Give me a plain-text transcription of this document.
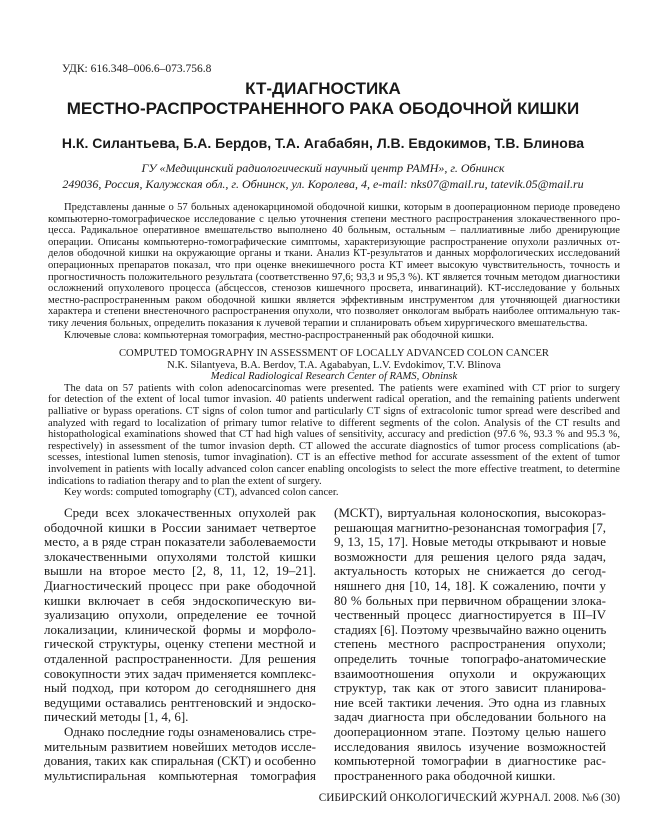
УДК: 616.348–006.6–073.756.8
КТ-ДИАГНОСТИКА
МЕСТНО-РАСПРОСТРАНЕННОГО РАКА ОБОДОЧНОЙ КИШКИ
Н.К. Силантьева, Б.А. Бердов, Т.А. Агабабян, Л.В. Евдокимов, Т.В. Блинова
ГУ «Медицинский радиологический научный центр РАМН», г. Обнинск
249036, Россия, Калужская обл., г. Обнинск, ул. Королева, 4, e-mail: nks07@mail.ru, tatevik.05@mail.ru
Представлены данные о 57 больных аденокарциномой ободочной кишки, которым в дооперационном периоде проведено
компьютерно-томографическое исследование с целью уточнения степени местного распространения злокачественного про-
цесса. Радикальное оперативное вмешательство выполнено 40 больным, остальным – паллиативные либо дренирующие
операции. Описаны компьютерно-томографические симптомы, характеризующие распространение опухоли различных от-
делов ободочной кишки на окружающие органы и ткани. Анализ КТ-результатов и данных морфологических исследований
операционных препаратов показал, что при оценке внекишечного роста КТ имеет высокую чувствительность, точность и
прогностичность положительного результата (соответственно 97,6; 93,3 и 95,3 %). КТ является точным методом диагностики
осложнений опухолевого процесса (абсцессов, стенозов кишечного просвета, инвагинаций). КТ-исследование у больных
местно-распространенным раком ободочной кишки является эффективным инструментом для уточняющей диагностики
характера и степени внестеночного распространения опухоли, что позволяет онкологам выбрать наиболее оптимальную так-
тику лечения больных, определить показания к лучевой терапии и спланировать объем хирургического вмешательства.
Ключевые слова: компьютерная томография, местно-распространенный рак ободочной кишки.
COMPUTED TOMOGRAPHY IN ASSESSMENT OF LOCALLY ADVANCED COLON CANCER
N.K. Silantyeva, B.A. Berdov, T.A. Agababyan, L.V. Evdokimov, T.V. Blinova
Medical Radiological Research Center of RAMS, Obninsk
The data on 57 patients with colon adenocarcinomas were presented. The patients were examined with CT prior to surgery
for detection of the extent of local tumor invasion. 40 patients underwent radical operation, and the remaining patients underwent
palliative or bypass operations. CT signs of colon tumor and particularly CT signs of extracolonic tumor spread were described and
analyzed with regard to localization of primary tumor relative to different segments of the colon. Analysis of the CT results and
histopathological examinations showed that CT had high values of sensitivity, accuracy and prediction (97.6 %, 93.3 % and 95.3 %,
respectively) in assessment of the tumor invasion depth. CT allowed the accurate diagnostics of tumor process complications (ab-
scesses, intestional lumen stenosis, tumor invagination). CT is an effective method for accurate assessment of the extent of tumor
involvement in patients with locally advanced colon cancer enabling oncologists to select the more effective treatment, to determine
indications to radiation therapy and to plan the extent of surgery.
Key words: computed tomography (CT), advanced colon cancer.
Среди всех злокачественных опухолей рак
ободочной кишки в России занимает четвертое
место, а в ряде стран показатели заболеваемости
злокачественными опухолями толстой кишки
вышли на второе место [2, 8, 11, 12, 19–21].
Диагностический процесс при раке ободочной
кишки включает в себя эндоскопическую ви-
зуализацию опухоли, определение ее точной
локализации, клинической формы и морфоло-
гической структуры, оценку степени местной и
отдаленной распространенности. Для решения
совокупности этих задач применяется комплекс-
ный подход, при котором до сегодняшнего дня
ведущими оставались рентгеновский и эндоско-
пический методы [1, 4, 6].
Однако последние годы ознаменовались стре-
мительным развитием новейших методов иссле-
дования, таких как спиральная (СКТ) и особенно
мультиспиральная компьютерная томография
(МСКТ), виртуальная колоноскопия, высокораз-
решающая магнитно-резонансная томография [7,
9, 13, 15, 17]. Новые методы открывают и новые
возможности для решения целого ряда задач,
актуальность которых не снижается до сегод-
няшнего дня [10, 14, 18]. К сожалению, почти у
80 % больных при первичном обращении злока-
чественный процесс диагностируется в III–IV
стадиях [6]. Поэтому чрезвычайно важно оценить
степень местного распространения опухоли;
определить точные топографо-анатомические
взаимоотношения опухоли и окружающих
структур, так как от этого зависит планирова-
ние всей тактики лечения. Это одна из главных
задач диагноста при обследовании больного на
дооперационном этапе. Поэтому целью нашего
исследования явилось изучение возможностей
компьютерной томографии в диагностике рас-
пространенного рака ободочной кишки.
СИБИРСКИЙ ОНКОЛОГИЧЕСКИЙ ЖУРНАЛ. 2008. №6 (30)
